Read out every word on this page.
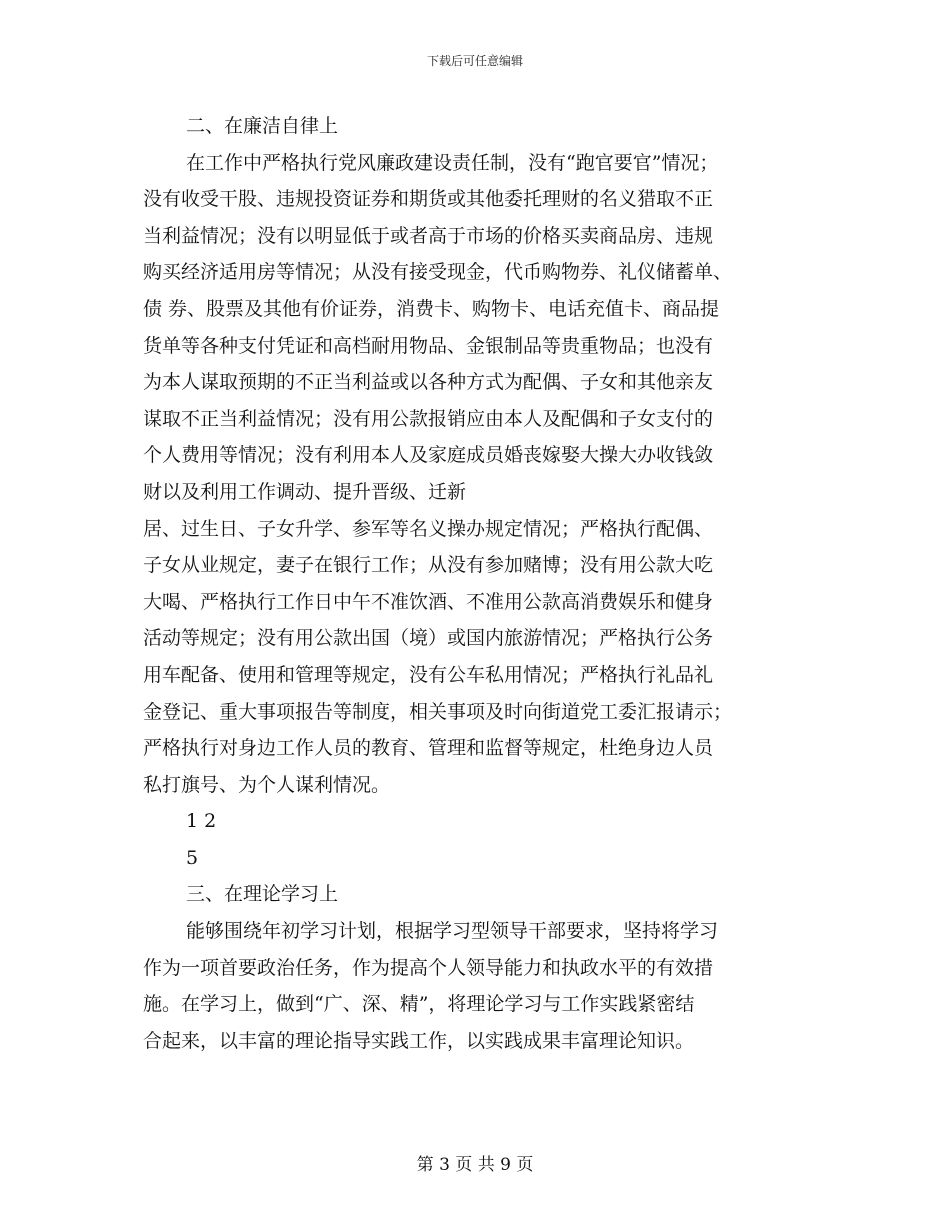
下载后可任意编辑

二、在廉洁自律上

在工作中严格执行党风廉政建设责任制，没有“跑官要官”情况；

没有收受干股、违规投资证券和期货或其他委托理财的名义猎取不正

当利益情况；没有以明显低于或者高于市场的价格买卖商品房、违规

购买经济适用房等情况；从没有接受现金，代币购物券、礼仪储蓄单、

债 券、股票及其他有价证券，消费卡、购物卡、电话充值卡、商品提

货单等各种支付凭证和高档耐用物品、金银制品等贵重物品；也没有

为本人谋取预期的不正当利益或以各种方式为配偶、子女和其他亲友

谋取不正当利益情况；没有用公款报销应由本人及配偶和子女支付的

个人费用等情况；没有利用本人及家庭成员婚丧嫁娶大操大办收钱敛

财以及利用工作调动、提升晋级、迁新

居、过生日、子女升学、参军等名义操办规定情况；严格执行配偶、

子女从业规定，妻子在银行工作；从没有参加赌博；没有用公款大吃

大喝、严格执行工作日中午不准饮酒、不准用公款高消费娱乐和健身

活动等规定；没有用公款出国（境）或国内旅游情况；严格执行公务

用车配备、使用和管理等规定，没有公车私用情况；严格执行礼品礼

金登记、重大事项报告等制度，相关事项及时向街道党工委汇报请示；

严格执行对身边工作人员的教育、管理和监督等规定，杜绝身边人员

私打旗号、为个人谋利情况。

1 2

5

三、在理论学习上

能够围绕年初学习计划，根据学习型领导干部要求，坚持将学习

作为一项首要政治任务，作为提高个人领导能力和执政水平的有效措

施。在学习上，做到“广、深、精”，将理论学习与工作实践紧密结

合起来，以丰富的理论指导实践工作，以实践成果丰富理论知识。

第 3 页 共 9 页
